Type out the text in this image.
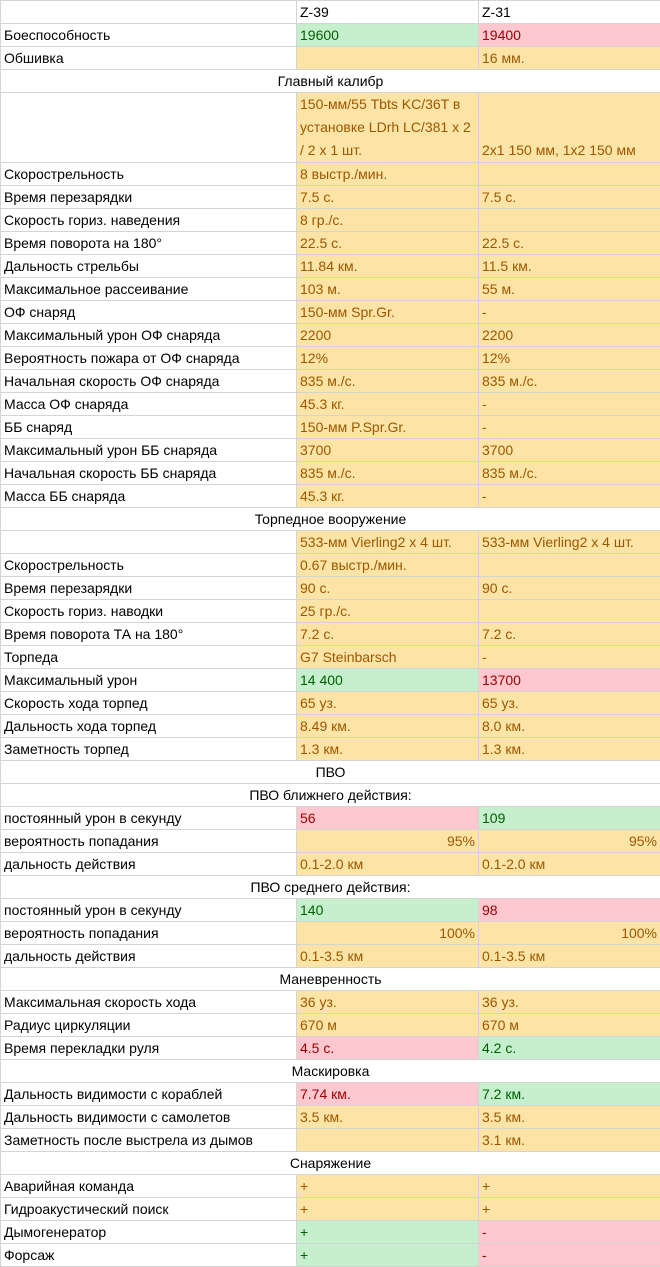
	Z-39	Z-31
Боеспособность	19600	19400
Обшивка		16 мм.
Главный калибр		
	150-мм/55 Tbts KC/36T в установке LDrh LC/381 x 2 / 2 x 1 шт.	2x1 150 мм, 1x2 150 мм
Скорострельность	8 выстр./мин.	
Время перезарядки	7.5 с.	7.5 с.
Скорость гориз. наведения	8 гр./с.	
Время поворота на 180°	22.5 с.	22.5 с.
Дальность стрельбы	11.84 км.	11.5 км.
Максимальное рассеивание	103 м.	55 м.
ОФ снаряд	150-мм Spr.Gr.	-
Максимальный урон ОФ снаряда	2200	2200
Вероятность пожара от ОФ снаряда	12%	12%
Начальная скорость ОФ снаряда	835 м./с.	835 м./с.
Масса ОФ снаряда	45.3 кг.	-
ББ снаряд	150-мм P.Spr.Gr.	-
Максимальный урон ББ снаряда	3700	3700
Начальная скорость ББ снаряда	835 м./с.	835 м./с.
Масса ББ снаряда	45.3 кг.	-
Торпедное вооружение		
	533-мм Vierling2 x 4 шт.	533-мм Vierling2 x 4 шт.
Скорострельность	0.67 выстр./мин.	
Время перезарядки	90 с.	90 с.
Скорость гориз. наводки	25 гр./с.	
Время поворота ТА на 180°	7.2 с.	7.2 с.
Торпеда	G7 Steinbarsch	-
Максимальный урон	14 400	13700
Скорость хода торпед	65 уз.	65 уз.
Дальность хода торпед	8.49 км.	8.0 км.
Заметность торпед	1.3 км.	1.3 км.
ПВО		
ПВО ближнего действия:		
постоянный урон в секунду	56	109
вероятность попадания	95%	95%
дальность действия	0.1-2.0 км	0.1-2.0 км
ПВО среднего действия:		
постоянный урон в секунду	140	98
вероятность попадания	100%	100%
дальность действия	0.1-3.5 км	0.1-3.5 км
Маневренность		
Максимальная скорость хода	36 уз.	36 уз.
Радиус циркуляции	670 м	670 м
Время перекладки руля	4.5 с.	4.2 с.
Маскировка		
Дальность видимости с кораблей	7.74 км.	7.2 км.
Дальность видимости с самолетов	3.5 км.	3.5 км.
Заметность после выстрела из дымов		3.1 км.
Снаряжение		
Аварийная команда	+	+
Гидроакустический поиск	+	+
Дымогенератор	+	-
Форсаж	+	-
